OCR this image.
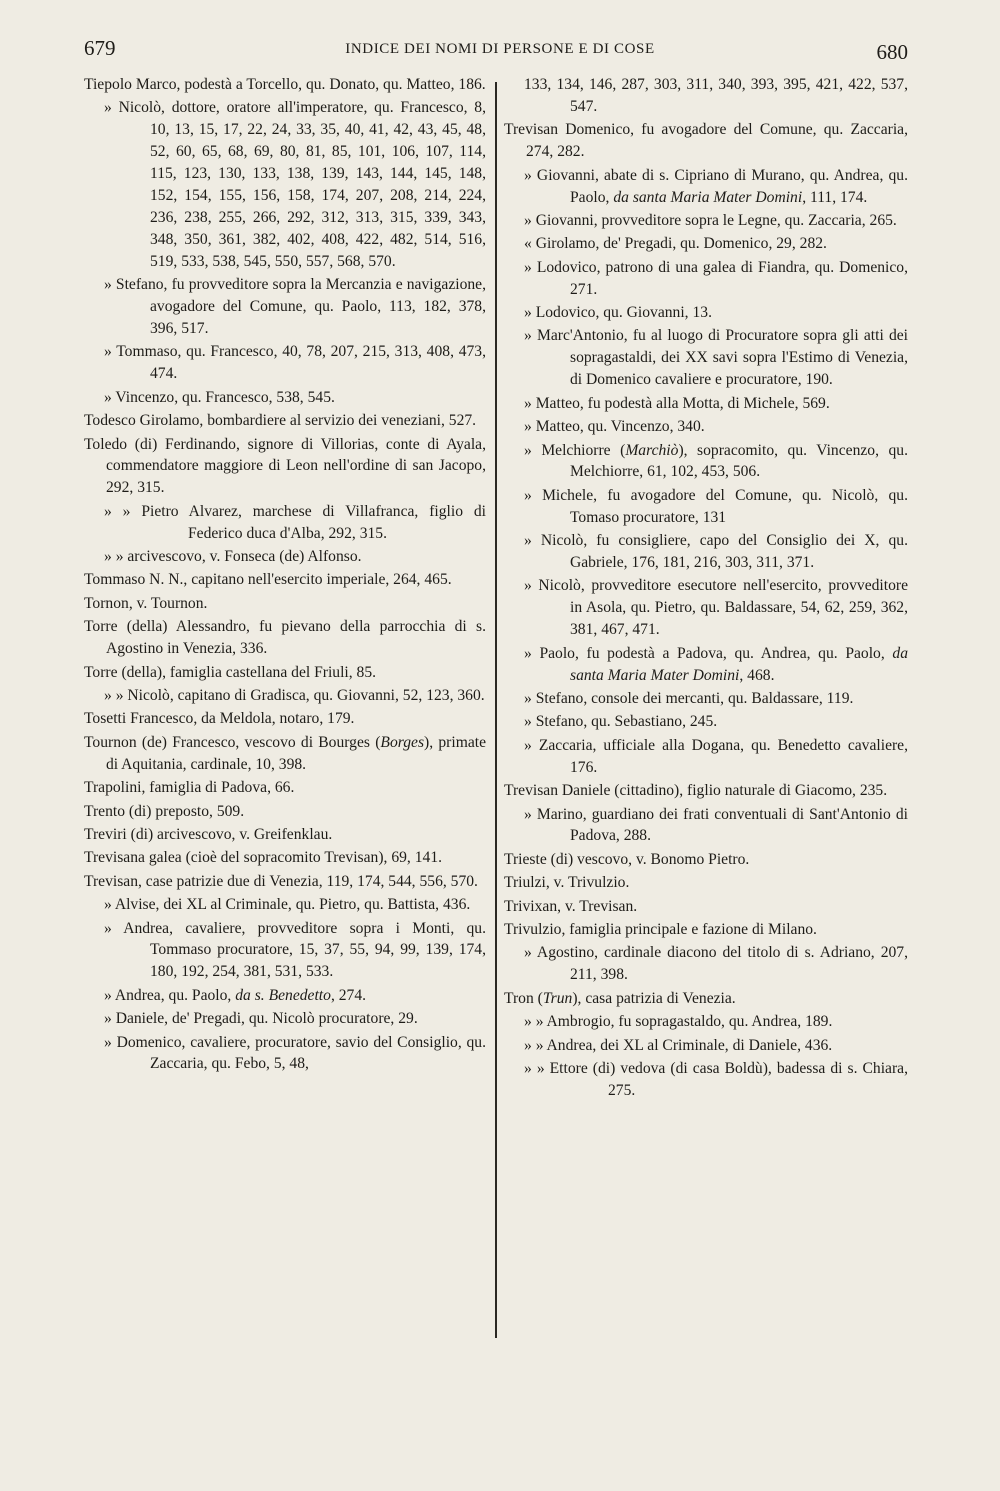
679	INDICE DEI NOMI DI PERSONE E DI COSE	680

Tiepolo Marco, podestà a Torcello, qu. Donato, qu. Matteo, 186.

» Nicolò, dottore, oratore all'imperatore, qu. Francesco, 8, 10, 13, 15, 17, 22, 24, 33, 35, 40, 41, 42, 43, 45, 48, 52, 60, 65, 68, 69, 80, 81, 85, 101, 106, 107, 114, 115, 123, 130, 133, 138, 139, 143, 144, 145, 148, 152, 154, 155, 156, 158, 174, 207, 208, 214, 224, 236, 238, 255, 266, 292, 312, 313, 315, 339, 343, 348, 350, 361, 382, 402, 408, 422, 482, 514, 516, 519, 533, 538, 545, 550, 557, 568, 570.

» Stefano, fu provveditore sopra la Mercanzia e navigazione, avogadore del Comune, qu. Paolo, 113, 182, 378, 396, 517.

» Tommaso, qu. Francesco, 40, 78, 207, 215, 313, 408, 473, 474.

» Vincenzo, qu. Francesco, 538, 545.

Todesco Girolamo, bombardiere al servizio dei veneziani, 527.

Toledo (di) Ferdinando, signore di Villorias, conte di Ayala, commendatore maggiore di Leon nell'ordine di san Jacopo, 292, 315.

» » Pietro Alvarez, marchese di Villafranca, figlio di Federico duca d'Alba, 292, 315.

» » arcivescovo, v. Fonseca (de) Alfonso.

Tommaso N. N., capitano nell'esercito imperiale, 264, 465.

Tornon, v. Tournon.

Torre (della) Alessandro, fu pievano della parrocchia di s. Agostino in Venezia, 336.

Torre (della), famiglia castellana del Friuli, 85.

» » Nicolò, capitano di Gradisca, qu. Giovanni, 52, 123, 360.

Tosetti Francesco, da Meldola, notaro, 179.

Tournon (de) Francesco, vescovo di Bourges (Borges), primate di Aquitania, cardinale, 10, 398.

Trapolini, famiglia di Padova, 66.

Trento (di) preposto, 509.

Treviri (di) arcivescovo, v. Greifenklau.

Trevisana galea (cioè del sopracomito Trevisan), 69, 141.

Trevisan, case patrizie due di Venezia, 119, 174, 544, 556, 570.

» Alvise, dei XL al Criminale, qu. Pietro, qu. Battista, 436.

» Andrea, cavaliere, provveditore sopra i Monti, qu. Tommaso procuratore, 15, 37, 55, 94, 99, 139, 174, 180, 192, 254, 381, 531, 533.

» Andrea, qu. Paolo, da s. Benedetto, 274.

» Daniele, de' Pregadi, qu. Nicolò procuratore, 29.

» Domenico, cavaliere, procuratore, savio del Consiglio, qu. Zaccaria, qu. Febo, 5, 48,

133, 134, 146, 287, 303, 311, 340, 393, 395, 421, 422, 537, 547.

Trevisan Domenico, fu avogadore del Comune, qu. Zaccaria, 274, 282.

» Giovanni, abate di s. Cipriano di Murano, qu. Andrea, qu. Paolo, da santa Maria Mater Domini, 111, 174.

» Giovanni, provveditore sopra le Legne, qu. Zaccaria, 265.

« Girolamo, de' Pregadi, qu. Domenico, 29, 282.

» Lodovico, patrono di una galea di Fiandra, qu. Domenico, 271.

» Lodovico, qu. Giovanni, 13.

» Marc'Antonio, fu al luogo di Procuratore sopra gli atti dei sopragastaldi, dei XX savi sopra l'Estimo di Venezia, di Domenico cavaliere e procuratore, 190.

» Matteo, fu podestà alla Motta, di Michele, 569.

» Matteo, qu. Vincenzo, 340.

» Melchiorre (Marchiò), sopracomito, qu. Vincenzo, qu. Melchiorre, 61, 102, 453, 506.

» Michele, fu avogadore del Comune, qu. Nicolò, qu. Tomaso procuratore, 131

» Nicolò, fu consigliere, capo del Consiglio dei X, qu. Gabriele, 176, 181, 216, 303, 311, 371.

» Nicolò, provveditore esecutore nell'esercito, provveditore in Asola, qu. Pietro, qu. Baldassare, 54, 62, 259, 362, 381, 467, 471.

» Paolo, fu podestà a Padova, qu. Andrea, qu. Paolo, da santa Maria Mater Domini, 468.

» Stefano, console dei mercanti, qu. Baldassare, 119.

» Stefano, qu. Sebastiano, 245.

» Zaccaria, ufficiale alla Dogana, qu. Benedetto cavaliere, 176.

Trevisan Daniele (cittadino), figlio naturale di Giacomo, 235.

» Marino, guardiano dei frati conventuali di Sant'Antonio di Padova, 288.

Trieste (di) vescovo, v. Bonomo Pietro.

Triulzi, v. Trivulzio.

Trivixan, v. Trevisan.

Trivulzio, famiglia principale e fazione di Milano.

» Agostino, cardinale diacono del titolo di s. Adriano, 207, 211, 398.

Tron (Trun), casa patrizia di Venezia.

» » Ambrogio, fu sopragastaldo, qu. Andrea, 189.

» » Andrea, dei XL al Criminale, di Daniele, 436.

» » Ettore (di) vedova (di casa Boldù), badessa di s. Chiara, 275.
